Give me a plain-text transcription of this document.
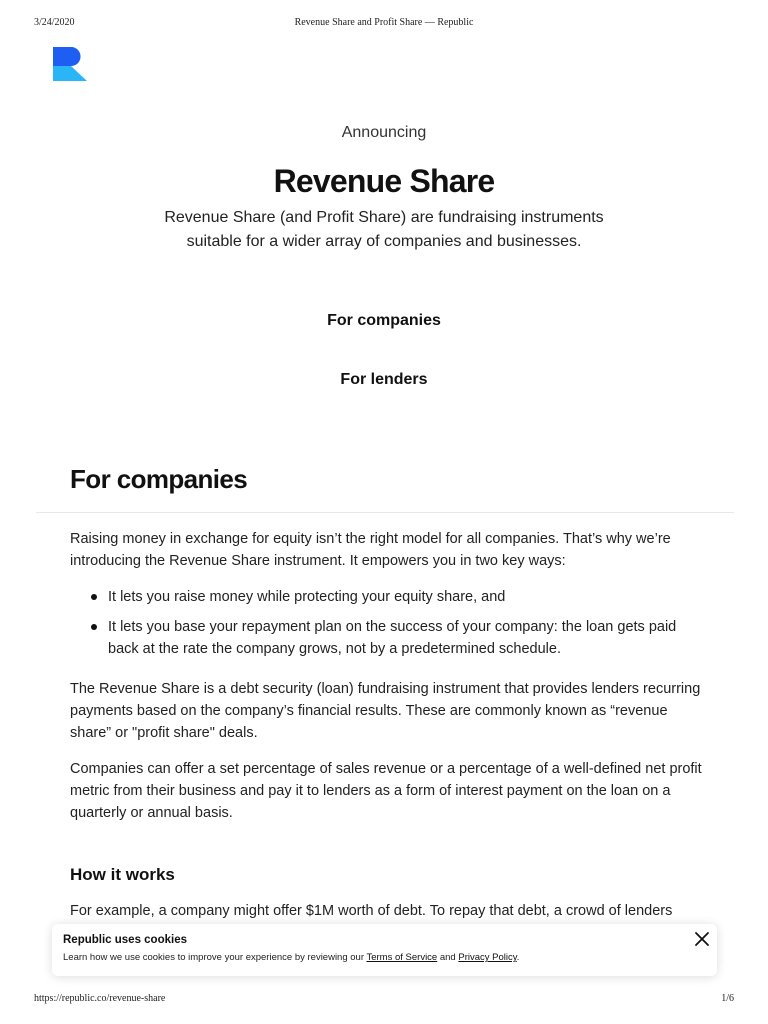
3/24/2020	Revenue Share and Profit Share — Republic
Announcing
Revenue Share
Revenue Share (and Profit Share) are fundraising instruments
suitable for a wider array of companies and businesses.
For companies
For lenders
For companies

Raising money in exchange for equity isn’t the right model for all companies. That’s why we’re introducing the Revenue Share instrument. It empowers you in two key ways:

It lets you raise money while protecting your equity share, and
It lets you base your repayment plan on the success of your company: the loan gets paid back at the rate the company grows, not by a predetermined schedule.

The Revenue Share is a debt security (loan) fundraising instrument that provides lenders recurring payments based on the company’s financial results. These are commonly known as “revenue share” or "profit share" deals.

Companies can offer a set percentage of sales revenue or a percentage of a well-defined net profit metric from their business and pay it to lenders as a form of interest payment on the loan on a quarterly or annual basis.

How it works

For example, a company might offer $1M worth of debt. To repay that debt, a crowd of lenders

Republic uses cookies
Learn how we use cookies to improve your experience by reviewing our Terms of Service and Privacy Policy.
https://republic.co/revenue-share	1/6
